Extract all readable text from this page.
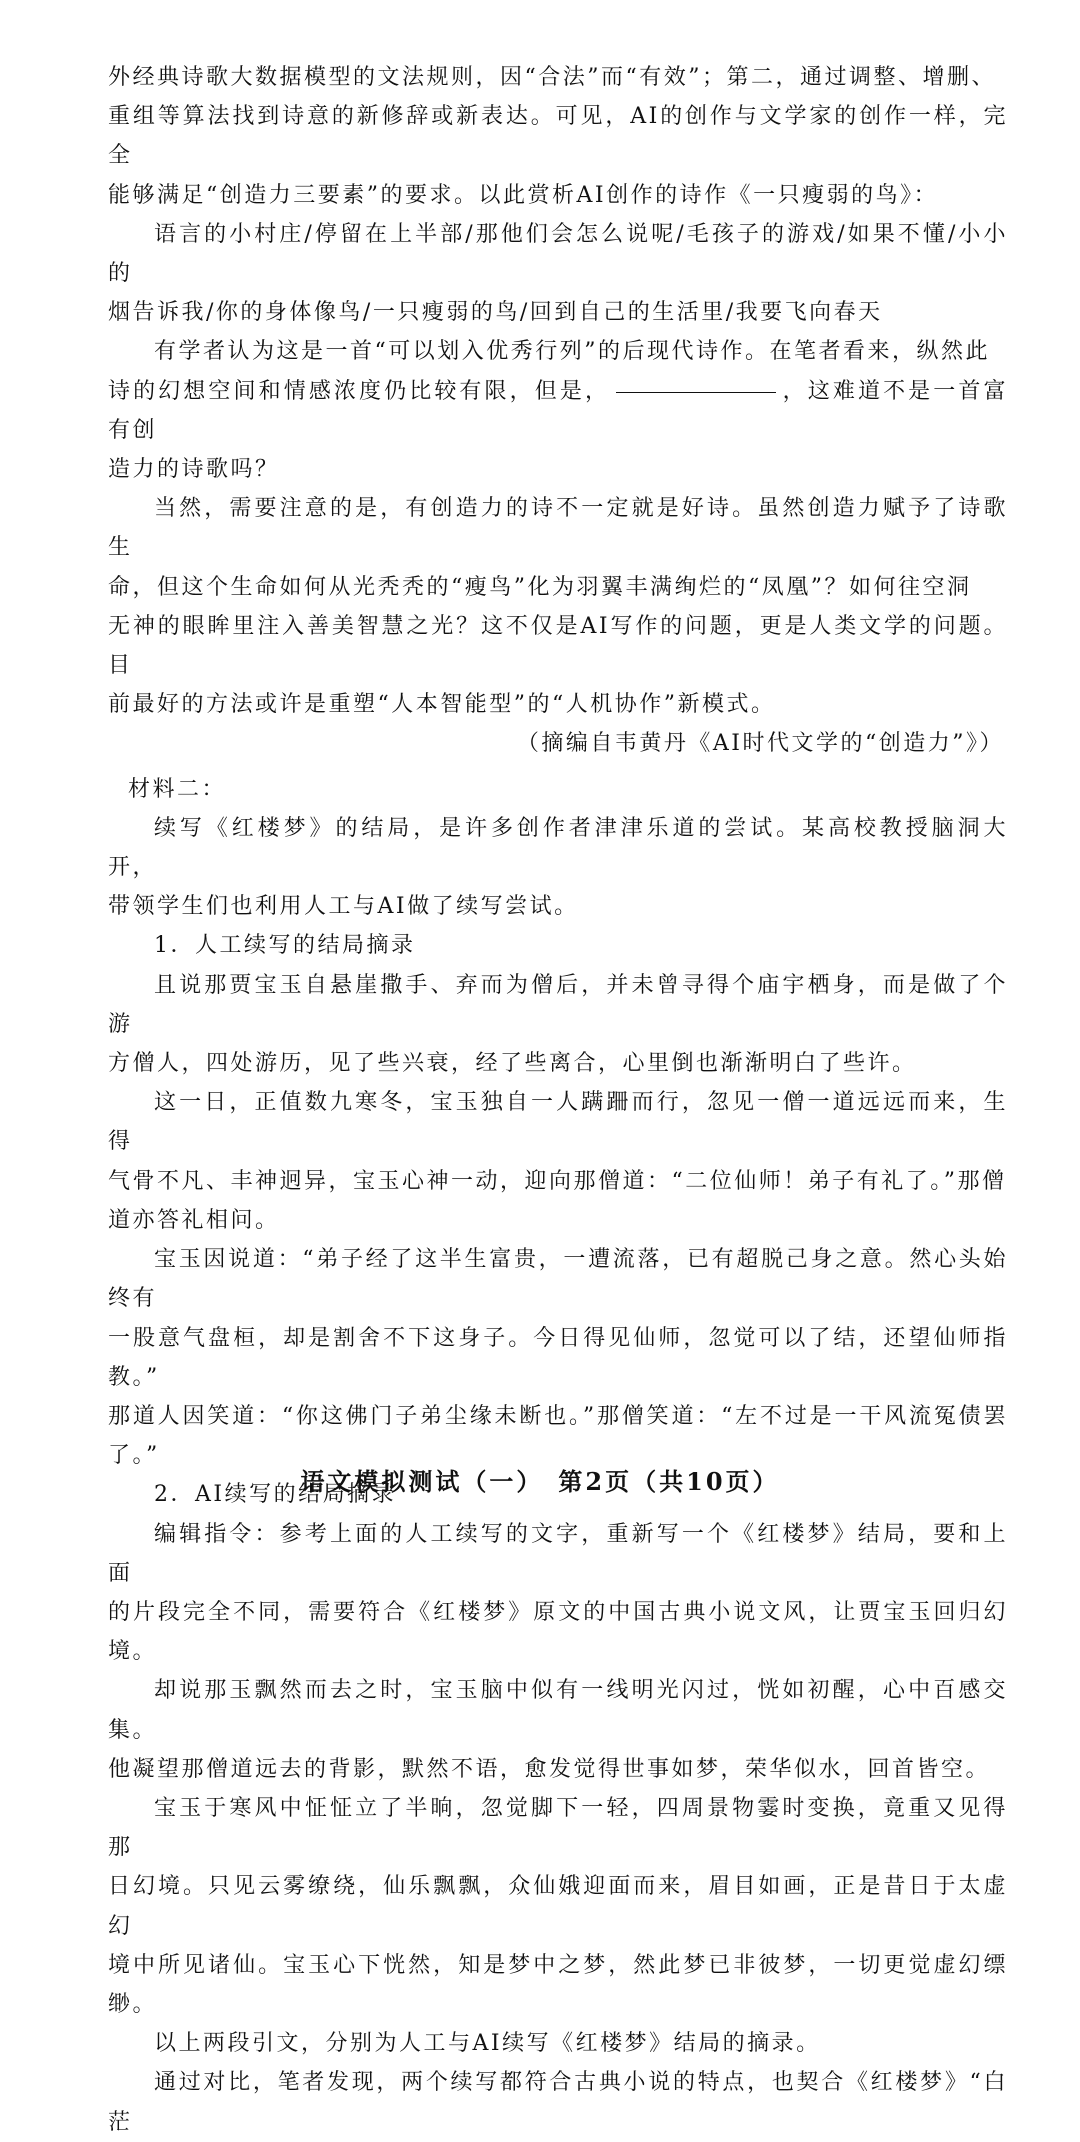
外经典诗歌大数据模型的文法规则，因“合法”而“有效”；第二，通过调整、增删、

重组等算法找到诗意的新修辞或新表达。可见，AI的创作与文学家的创作一样，完全

能够满足“创造力三要素”的要求。以此赏析AI创作的诗作《一只瘦弱的鸟》：

语言的小村庄/停留在上半部/那他们会怎么说呢/毛孩子的游戏/如果不懂/小小的

烟告诉我/你的身体像鸟/一只瘦弱的鸟/回到自己的生活里/我要飞向春天

有学者认为这是一首“可以划入优秀行列”的后现代诗作。在笔者看来，纵然此

诗的幻想空间和情感浓度仍比较有限，但是，	，这难道不是一首富有创

造力的诗歌吗？

当然，需要注意的是，有创造力的诗不一定就是好诗。虽然创造力赋予了诗歌生

命，但这个生命如何从光秃秃的“瘦鸟”化为羽翼丰满绚烂的“凤凰”？如何往空洞

无神的眼眸里注入善美智慧之光？这不仅是AI写作的问题，更是人类文学的问题。目

前最好的方法或许是重塑“人本智能型”的“人机协作”新模式。

（摘编自韦黄丹《AI时代文学的“创造力”》）

材料二：

续写《红楼梦》的结局，是许多创作者津津乐道的尝试。某高校教授脑洞大开，

带领学生们也利用人工与AI做了续写尝试。

1．人工续写的结局摘录

且说那贾宝玉自悬崖撒手、弃而为僧后，并未曾寻得个庙宇栖身，而是做了个游

方僧人，四处游历，见了些兴衰，经了些离合，心里倒也渐渐明白了些许。

这一日，正值数九寒冬，宝玉独自一人蹒跚而行，忽见一僧一道远远而来，生得

气骨不凡、丰神迥异，宝玉心神一动，迎向那僧道：“二位仙师！弟子有礼了。”那僧

道亦答礼相问。

宝玉因说道：“弟子经了这半生富贵，一遭流落，已有超脱己身之意。然心头始终有

一股意气盘桓，却是割舍不下这身子。今日得见仙师，忽觉可以了结，还望仙师指教。”

那道人因笑道：“你这佛门子弟尘缘未断也。”那僧笑道：“左不过是一干风流冤债罢了。”

2．AI续写的结局摘录

编辑指令：参考上面的人工续写的文字，重新写一个《红楼梦》结局，要和上面

的片段完全不同，需要符合《红楼梦》原文的中国古典小说文风，让贾宝玉回归幻境。

却说那玉飘然而去之时，宝玉脑中似有一线明光闪过，恍如初醒，心中百感交集。

他凝望那僧道远去的背影，默然不语，愈发觉得世事如梦，荣华似水，回首皆空。

宝玉于寒风中怔怔立了半晌，忽觉脚下一轻，四周景物霎时变换，竟重又见得那

日幻境。只见云雾缭绕，仙乐飘飘，众仙娥迎面而来，眉目如画，正是昔日于太虚幻

境中所见诸仙。宝玉心下恍然，知是梦中之梦，然此梦已非彼梦，一切更觉虚幻缥缈。

以上两段引文，分别为人工与AI续写《红楼梦》结局的摘录。

通过对比，笔者发现，两个续写都符合古典小说的特点，也契合《红楼梦》“白茫

语文模拟测试（一）　第2页（共10页）
